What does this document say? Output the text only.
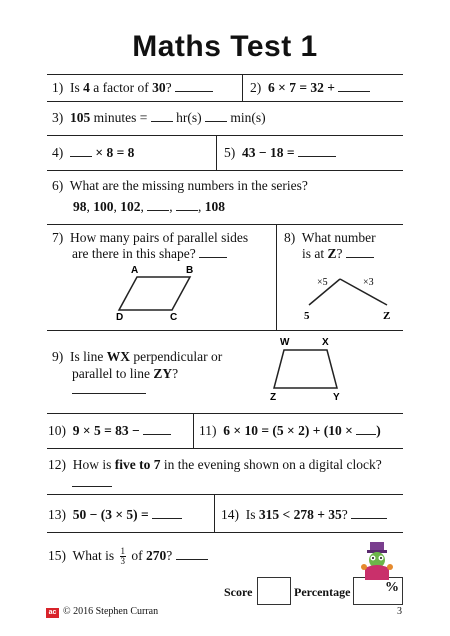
Maths Test 1
1) Is 4 a factor of 30?	2) 6 × 7 = 32 +
3) 105 minutes = hr(s) min(s)
4) × 8 = 8	5) 43 − 18 =
6) What are the missing numbers in the series?
98, 100, 102, , , 108
7) How many pairs of parallel sides
are there in this shape?
A	B
C
D
8) What number
is at Z?
×5	×3
5	Z
9) Is line WX perpendicular or
parallel to line ZY?
W	X
Z	Y
10) 9 × 5 = 83 −	11) 6 × 10 = (5 × 2) + (10 × )
12) How is five to 7 in the evening shown on a digital clock?
13) 50 − (3 × 5) =	14) Is 315 < 278 + 35?
15) What is $\frac{1}{3}$ of 270?
Score	Percentage %
ac © 2016 Stephen Curran	3
